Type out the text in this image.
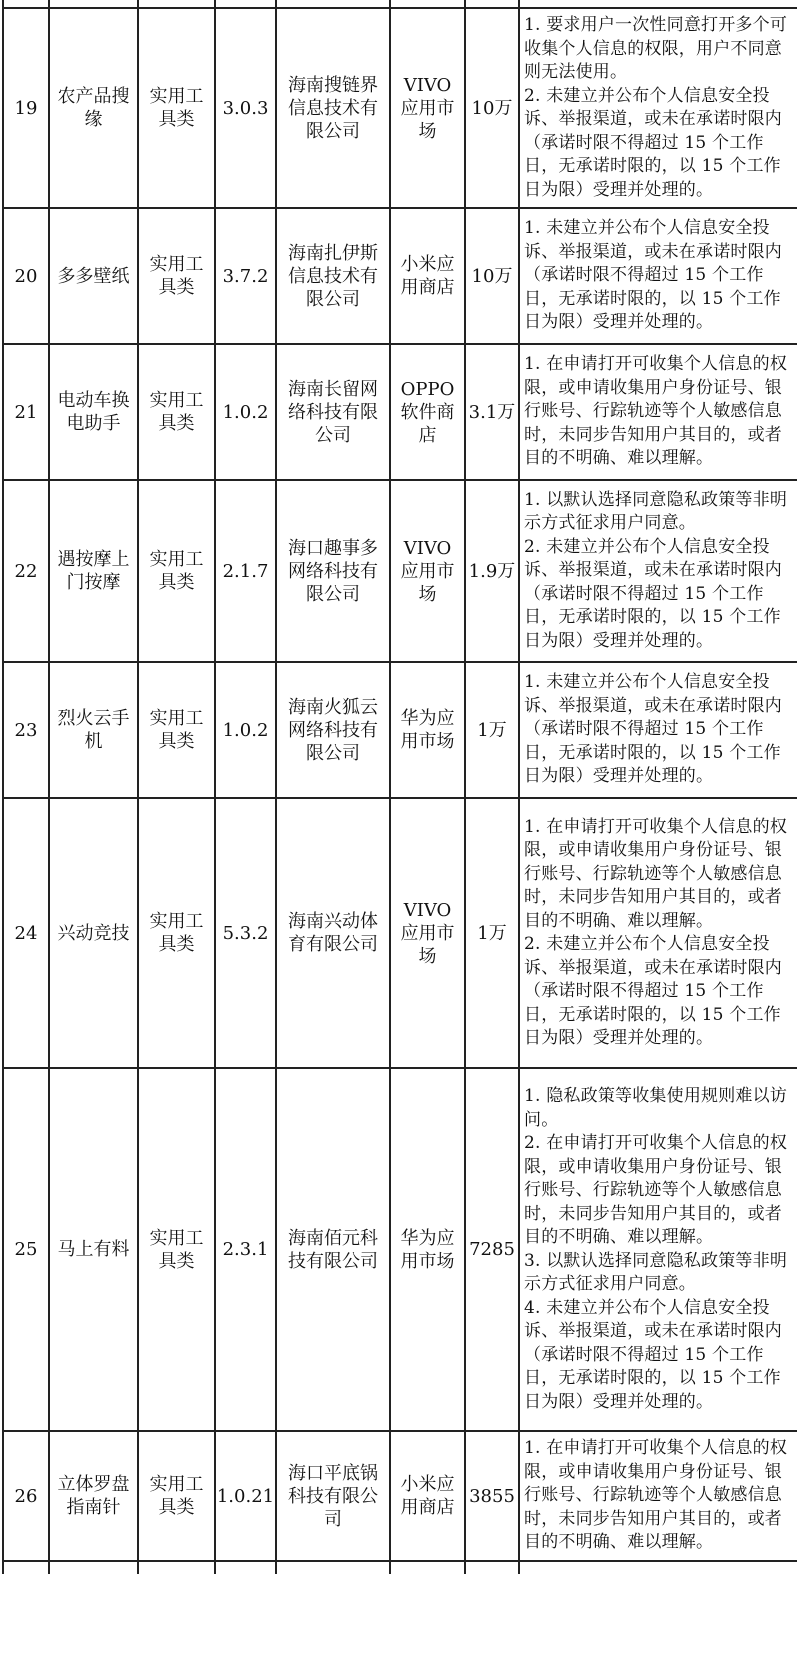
19	农产品搜缘	实用工具类	3.0.3	海南搜链界信息技术有限公司	VIVO应用市场	10万	1. 要求用户一次性同意打开多个可收集个人信息的权限，用户不同意则无法使用。
2. 未建立并公布个人信息安全投诉、举报渠道，或未在承诺时限内（承诺时限不得超过 15 个工作日，无承诺时限的，以 15 个工作日为限）受理并处理的。

20	多多壁纸	实用工具类	3.7.2	海南扎伊斯信息技术有限公司	小米应用商店	10万	1. 未建立并公布个人信息安全投诉、举报渠道，或未在承诺时限内（承诺时限不得超过 15 个工作日，无承诺时限的，以 15 个工作日为限）受理并处理的。

21	电动车换电助手	实用工具类	1.0.2	海南长留网络科技有限公司	OPPO软件商店	3.1万	1. 在申请打开可收集个人信息的权限，或申请收集用户身份证号、银行账号、行踪轨迹等个人敏感信息时，未同步告知用户其目的，或者目的不明确、难以理解。

22	遇按摩上门按摩	实用工具类	2.1.7	海口趣事多网络科技有限公司	VIVO应用市场	1.9万	1. 以默认选择同意隐私政策等非明示方式征求用户同意。
2. 未建立并公布个人信息安全投诉、举报渠道，或未在承诺时限内（承诺时限不得超过 15 个工作日，无承诺时限的，以 15 个工作日为限）受理并处理的。

23	烈火云手机	实用工具类	1.0.2	海南火狐云网络科技有限公司	华为应用市场	1万	1. 未建立并公布个人信息安全投诉、举报渠道，或未在承诺时限内（承诺时限不得超过 15 个工作日，无承诺时限的，以 15 个工作日为限）受理并处理的。

24	兴动竞技	实用工具类	5.3.2	海南兴动体育有限公司	VIVO应用市场	1万	1. 在申请打开可收集个人信息的权限，或申请收集用户身份证号、银行账号、行踪轨迹等个人敏感信息时，未同步告知用户其目的，或者目的不明确、难以理解。
2. 未建立并公布个人信息安全投诉、举报渠道，或未在承诺时限内（承诺时限不得超过 15 个工作日，无承诺时限的，以 15 个工作日为限）受理并处理的。

25	马上有料	实用工具类	2.3.1	海南佰元科技有限公司	华为应用市场	7285	1. 隐私政策等收集使用规则难以访问。
2. 在申请打开可收集个人信息的权限，或申请收集用户身份证号、银行账号、行踪轨迹等个人敏感信息时，未同步告知用户其目的，或者目的不明确、难以理解。
3. 以默认选择同意隐私政策等非明示方式征求用户同意。
4. 未建立并公布个人信息安全投诉、举报渠道，或未在承诺时限内（承诺时限不得超过 15 个工作日，无承诺时限的，以 15 个工作日为限）受理并处理的。

26	立体罗盘指南针	实用工具类	1.0.21	海口平底锅科技有限公司	小米应用商店	3855	1. 在申请打开可收集个人信息的权限，或申请收集用户身份证号、银行账号、行踪轨迹等个人敏感信息时，未同步告知用户其目的，或者目的不明确、难以理解。
